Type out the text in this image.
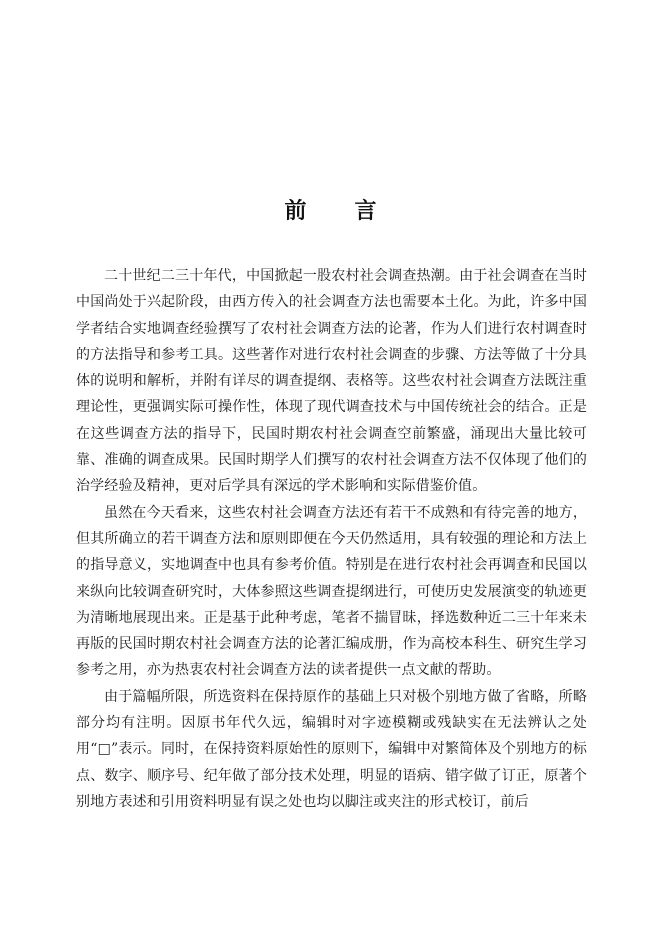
前言

二十世纪二三十年代，中国掀起一股农村社会调查热潮。由于社会调查在当时中国尚处于兴起阶段，由西方传入的社会调查方法也需要本土化。为此，许多中国学者结合实地调查经验撰写了农村社会调查方法的论著，作为人们进行农村调查时的方法指导和参考工具。这些著作对进行农村社会调查的步骤、方法等做了十分具体的说明和解析，并附有详尽的调查提纲、表格等。这些农村社会调查方法既注重理论性，更强调实际可操作性，体现了现代调查技术与中国传统社会的结合。正是在这些调查方法的指导下，民国时期农村社会调查空前繁盛，涌现出大量比较可靠、准确的调查成果。民国时期学人们撰写的农村社会调查方法不仅体现了他们的治学经验及精神，更对后学具有深远的学术影响和实际借鉴价值。

虽然在今天看来，这些农村社会调查方法还有若干不成熟和有待完善的地方，但其所确立的若干调查方法和原则即便在今天仍然适用，具有较强的理论和方法上的指导意义，实地调查中也具有参考价值。特别是在进行农村社会再调查和民国以来纵向比较调查研究时，大体参照这些调查提纲进行，可使历史发展演变的轨迹更为清晰地展现出来。正是基于此种考虑，笔者不揣冒昧，择选数种近二三十年来未再版的民国时期农村社会调查方法的论著汇编成册，作为高校本科生、研究生学习参考之用，亦为热衷农村社会调查方法的读者提供一点文献的帮助。

由于篇幅所限，所选资料在保持原作的基础上只对极个别地方做了省略，所略部分均有注明。因原书年代久远，编辑时对字迹模糊或残缺实在无法辨认之处用“□”表示。同时，在保持资料原始性的原则下，编辑中对繁简体及个别地方的标点、数字、顺序号、纪年做了部分技术处理，明显的语病、错字做了订正，原著个别地方表述和引用资料明显有误之处也均以脚注或夹注的形式校订，前后
